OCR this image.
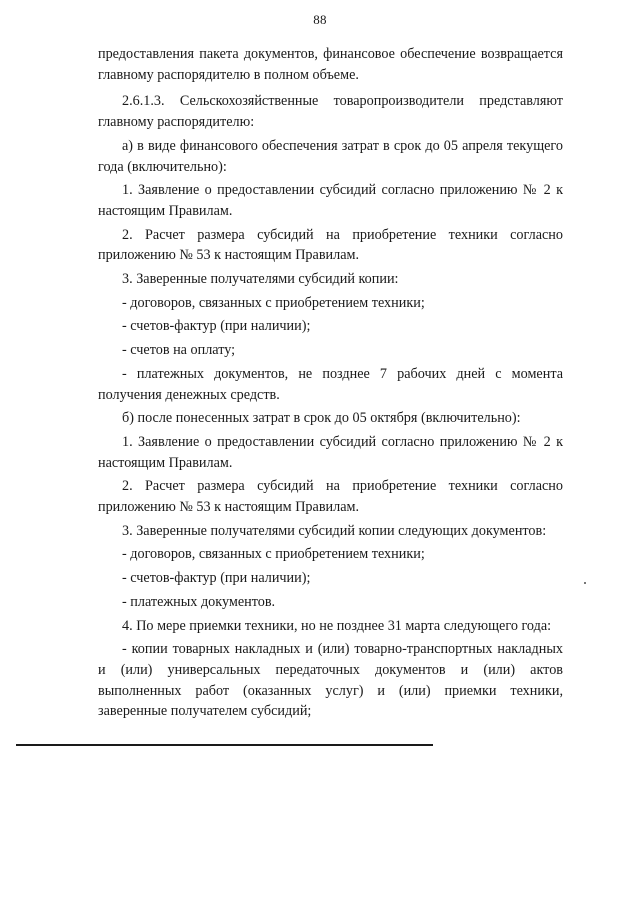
88

предоставления пакета документов, финансовое обеспечение возвращается главному распорядителю в полном объеме.

2.6.1.3. Сельскохозяйственные товаропроизводители представляют главному распорядителю:

а) в виде финансового обеспечения затрат в срок до 05 апреля текущего года (включительно):

1. Заявление о предоставлении субсидий согласно приложению № 2 к настоящим Правилам.

2. Расчет размера субсидий на приобретение техники согласно приложению № 53 к настоящим Правилам.

3. Заверенные получателями субсидий копии:

- договоров, связанных с приобретением техники;

- счетов-фактур (при наличии);

- счетов на оплату;

- платежных документов, не позднее 7 рабочих дней с момента получения денежных средств.

б) после понесенных затрат в срок до 05 октября (включительно):

1. Заявление о предоставлении субсидий согласно приложению № 2 к настоящим Правилам.

2. Расчет размера субсидий на приобретение техники согласно приложению № 53 к настоящим Правилам.

3. Заверенные получателями субсидий копии следующих документов:

- договоров, связанных с приобретением техники;

- счетов-фактур (при наличии);

- платежных документов.

4. По мере приемки техники, но не позднее 31 марта следующего года:

- копии товарных накладных и (или) товарно-транспортных накладных и (или) универсальных передаточных документов и (или) актов выполненных работ (оказанных услуг) и (или) приемки техники, заверенные получателем субсидий;
